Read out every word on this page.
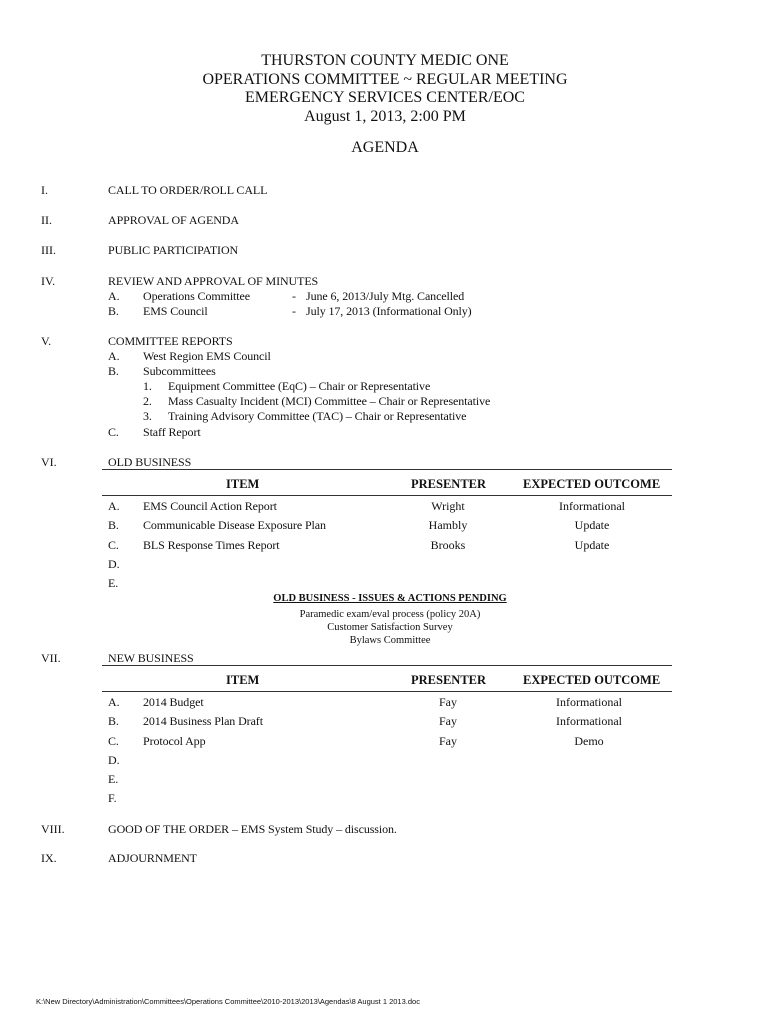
THURSTON COUNTY MEDIC ONE
OPERATIONS COMMITTEE ~ REGULAR MEETING
EMERGENCY SERVICES CENTER/EOC
August 1, 2013, 2:00 PM
AGENDA
I.	CALL TO ORDER/ROLL CALL
II.	APPROVAL OF AGENDA
III.	PUBLIC PARTICIPATION
IV.	REVIEW AND APPROVAL OF MINUTES
A. Operations Committee	- June 6, 2013/July Mtg. Cancelled
B. EMS Council	- July 17, 2013 (Informational Only)
V.	COMMITTEE REPORTS
A. West Region EMS Council
B. Subcommittees
1. Equipment Committee (EqC) – Chair or Representative
2. Mass Casualty Incident (MCI) Committee – Chair or Representative
3. Training Advisory Committee (TAC) – Chair or Representative
C. Staff Report
VI.	OLD BUSINESS
ITEM	PRESENTER	EXPECTED OUTCOME
A. EMS Council Action Report	Wright	Informational
B. Communicable Disease Exposure Plan	Hambly	Update
C. BLS Response Times Report	Brooks	Update
D.
E.
OLD BUSINESS - ISSUES & ACTIONS PENDING
Paramedic exam/eval process (policy 20A)
Customer Satisfaction Survey
Bylaws Committee
VII.	NEW BUSINESS
ITEM	PRESENTER	EXPECTED OUTCOME
A. 2014 Budget	Fay	Informational
B. 2014 Business Plan Draft	Fay	Informational
C. Protocol App	Fay	Demo
D.
E.
F.
VIII.	GOOD OF THE ORDER – EMS System Study – discussion.
IX.	ADJOURNMENT
K:\New Directory\Administration\Committees\Operations Committee\2010-2013\2013\Agendas\8 August 1 2013.doc
